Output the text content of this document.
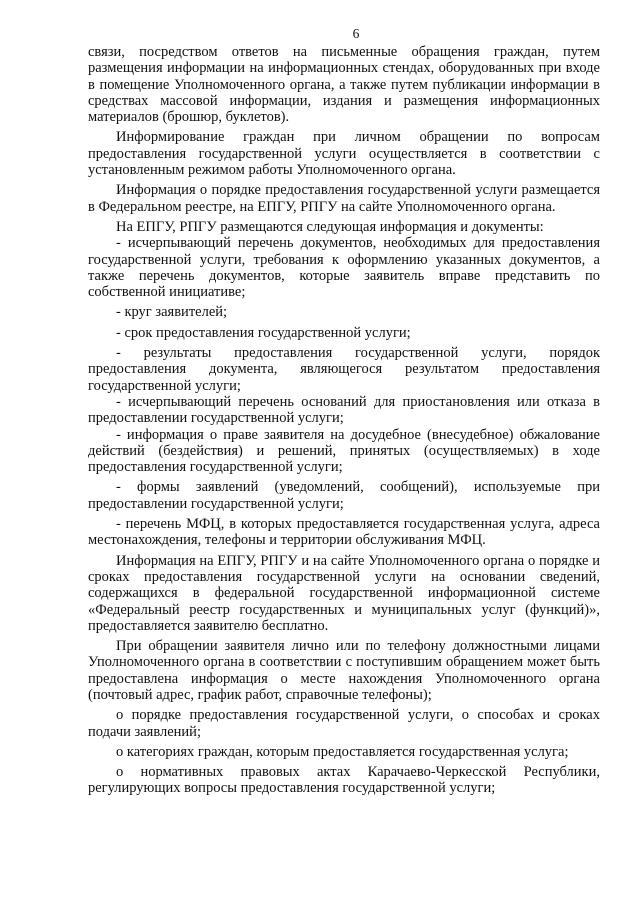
6

связи, посредством ответов на письменные обращения граждан, путем размещения информации на информационных стендах, оборудованных при входе в помещение Уполномоченного органа, а также путем публикации информации в средствах массовой информации, издания и размещения информационных материалов (брошюр, буклетов).

Информирование граждан при личном обращении по вопросам предоставления государственной услуги осуществляется в соответствии с установленным режимом работы Уполномоченного органа.

Информация о порядке предоставления государственной услуги размещается в Федеральном реестре, на ЕПГУ, РПГУ на сайте Уполномоченного органа.

На ЕПГУ, РПГУ размещаются следующая информация и документы:

- исчерпывающий перечень документов, необходимых для предоставления государственной услуги, требования к оформлению указанных документов, а также перечень документов, которые заявитель вправе представить по собственной инициативе;

- круг заявителей;

- срок предоставления государственной услуги;

- результаты предоставления государственной услуги, порядок предоставления документа, являющегося результатом предоставления государственной услуги;

- исчерпывающий перечень оснований для приостановления или отказа в предоставлении государственной услуги;

- информация о праве заявителя на досудебное (внесудебное) обжалование действий (бездействия) и решений, принятых (осуществляемых) в ходе предоставления государственной услуги;

- формы заявлений (уведомлений, сообщений), используемые при предоставлении государственной услуги;

- перечень МФЦ, в которых предоставляется государственная услуга, адреса местонахождения, телефоны и территории обслуживания МФЦ.

Информация на ЕПГУ, РПГУ и на сайте Уполномоченного органа о порядке и сроках предоставления государственной услуги на основании сведений, содержащихся в федеральной государственной информационной системе «Федеральный реестр государственных и муниципальных услуг (функций)», предоставляется заявителю бесплатно.

При обращении заявителя лично или по телефону должностными лицами Уполномоченного органа в соответствии с поступившим обращением может быть предоставлена информация о месте нахождения Уполномоченного органа (почтовый адрес, график работ, справочные телефоны);

о порядке предоставления государственной услуги, о способах и сроках подачи заявлений;

о категориях граждан, которым предоставляется государственная услуга;

о нормативных правовых актах Карачаево-Черкесской Республики, регулирующих вопросы предоставления государственной услуги;
